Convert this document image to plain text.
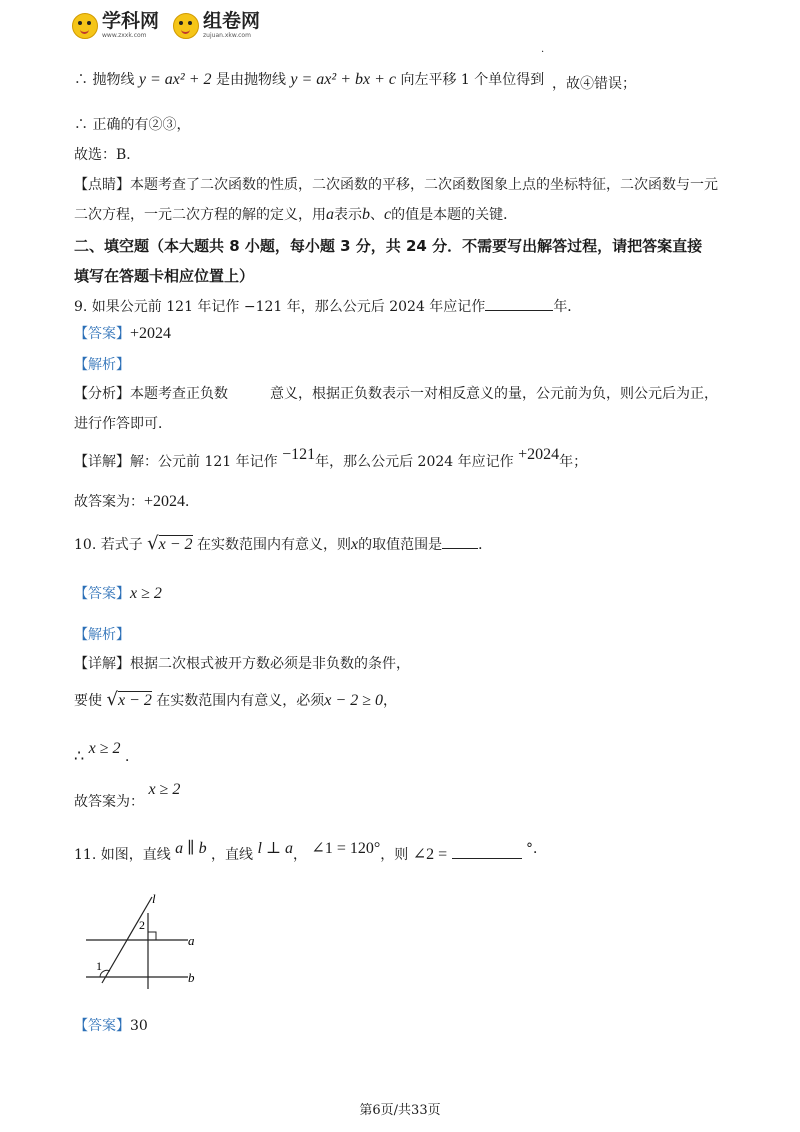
学科网
www.zxxk.com
组卷网
zujuan.xkw.com
.
∴ 抛物线 y = ax² + 2 是由抛物线 y = ax² + bx + c 向左平移 1 个单位得到 ，故④错误；
∴ 正确的有②③，
故选：B．
【点睛】本题考查了二次函数的性质，二次函数的平移，二次函数图象上点的坐标特征，二次函数与一元
二次方程，一元二次方程的解的定义，用a表示b、c的值是本题的关键．
二、填空题（本大题共 8 小题，每小题 3 分，共 24 分．不需要写出解答过程，请把答案直接
填写在答题卡相应位置上）
9. 如果公元前 121 年记作 −121 年，那么公元后 2024 年应记作	年．
【答案】+2024
【解析】
【分析】本题考查正负数	意义，根据正负数表示一对相反意义的量，公元前为负，则公元后为正，
进行作答即可．
【详解】解：公元前 121 年记作 −121年，那么公元后 2024 年应记作 +2024年；
故答案为：+2024．
10. 若式子 √x − 2 在实数范围内有意义，则x的取值范围是	．
【答案】x ≥ 2
【解析】
【详解】根据二次根式被开方数必须是非负数的条件，
要使 √x − 2 在实数范围内有意义，必须x − 2 ≥ 0，
∴ x ≥ 2 ．
故答案为： x ≥ 2
11. 如图，直线 a ∥ b ，直线 l ⊥ a， ∠1 = 120°，则 ∠2 =	°．
l
a
b
1
2
【答案】30
第6页/共33页
